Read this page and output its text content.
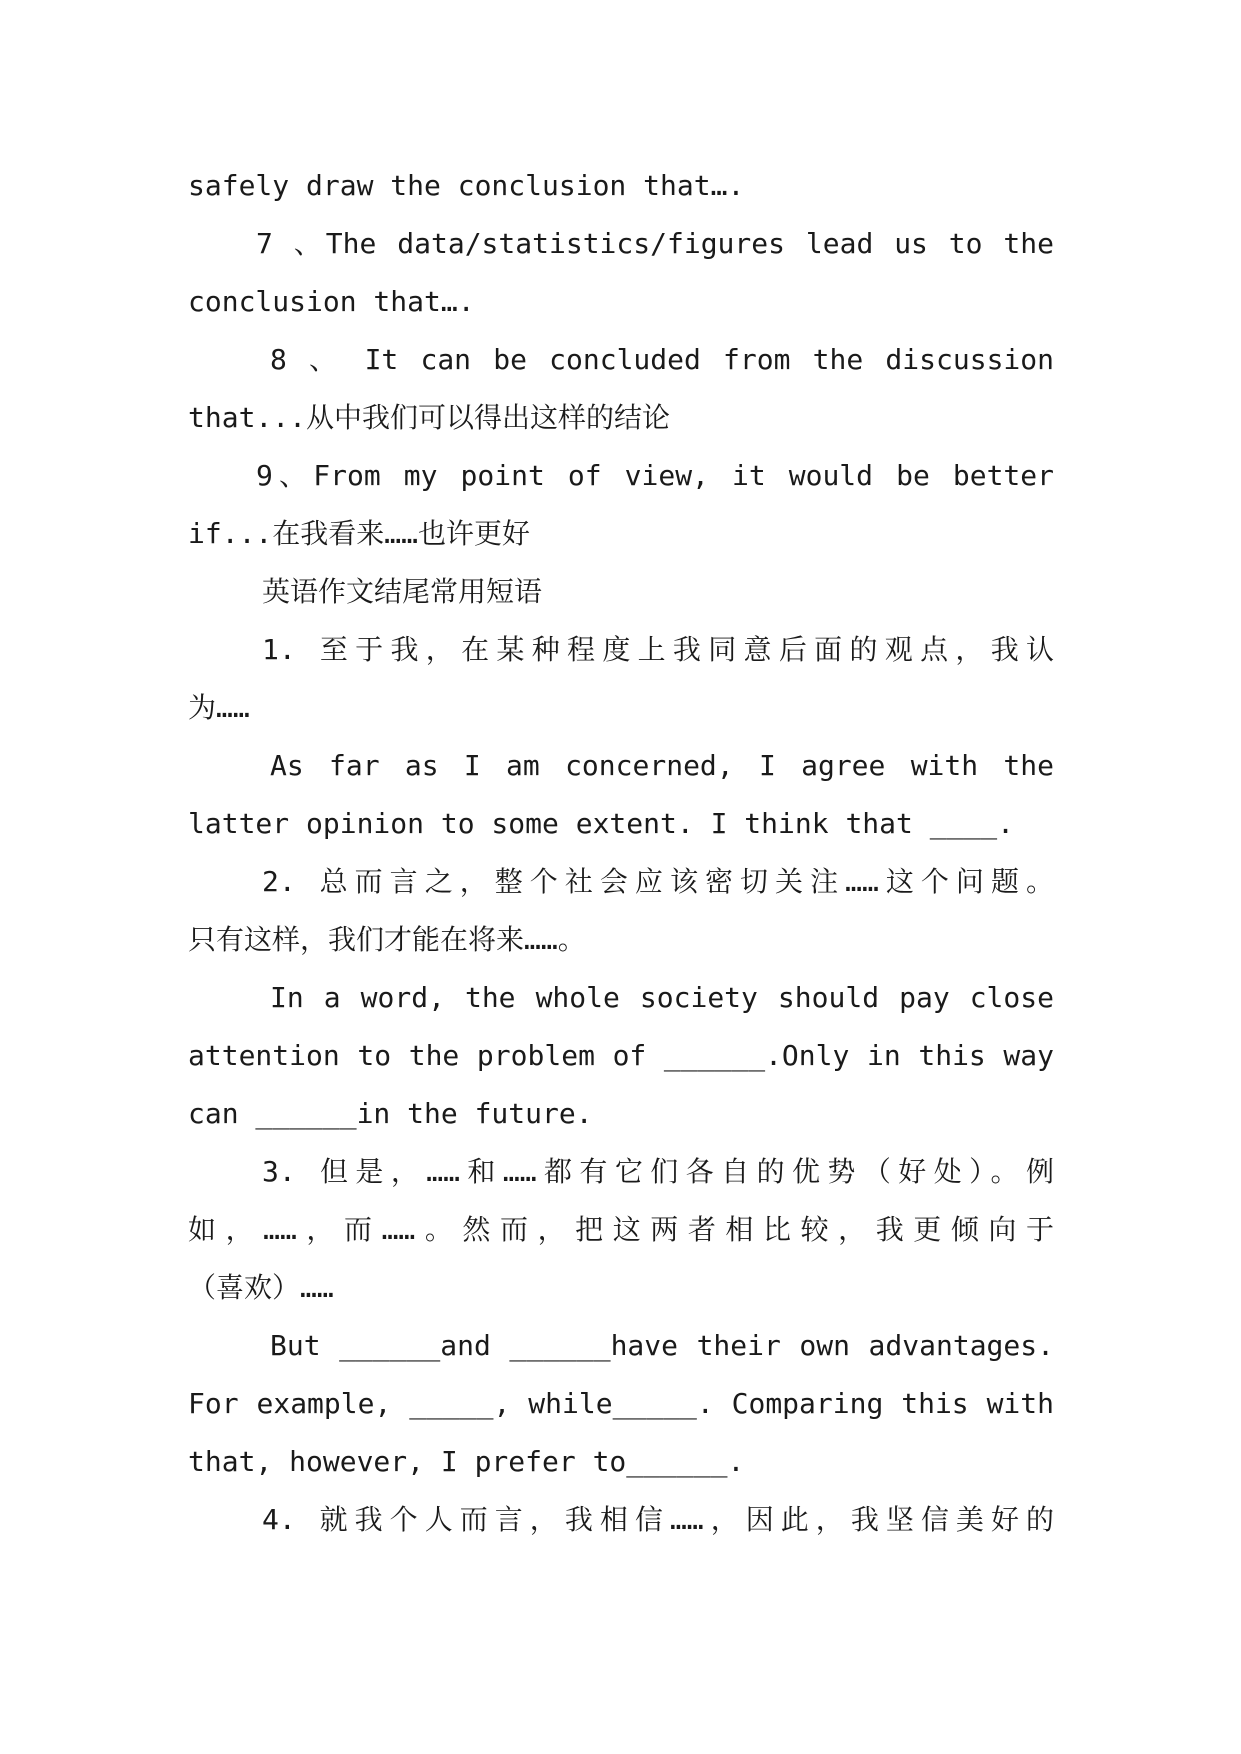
safely draw the conclusion that….
7 、The data/statistics/figures lead us to the
conclusion that….
8 、 It can be concluded from the discussion
that...从中我们可以得出这样的结论
9、From my point of view, it would be better
if...在我看来……也许更好
英语作文结尾常用短语
1. 至于我，在某种程度上我同意后面的观点，我认
为……
As far as I am concerned, I agree with the
latter opinion to some extent. I think that ____.
2. 总而言之，整个社会应该密切关注……这个问题。
只有这样，我们才能在将来……。
In a word, the whole society should pay close
attention to the problem of ______.Only in this way
can ______in the future.
3. 但是，……和……都有它们各自的优势（好处）。例
如，……，而……。然而，把这两者相比较，我更倾向于
（喜欢）……
But ______and ______have their own advantages.
For example, _____, while_____. Comparing this with
that, however, I prefer to______.
4. 就我个人而言，我相信……，因此，我坚信美好的
